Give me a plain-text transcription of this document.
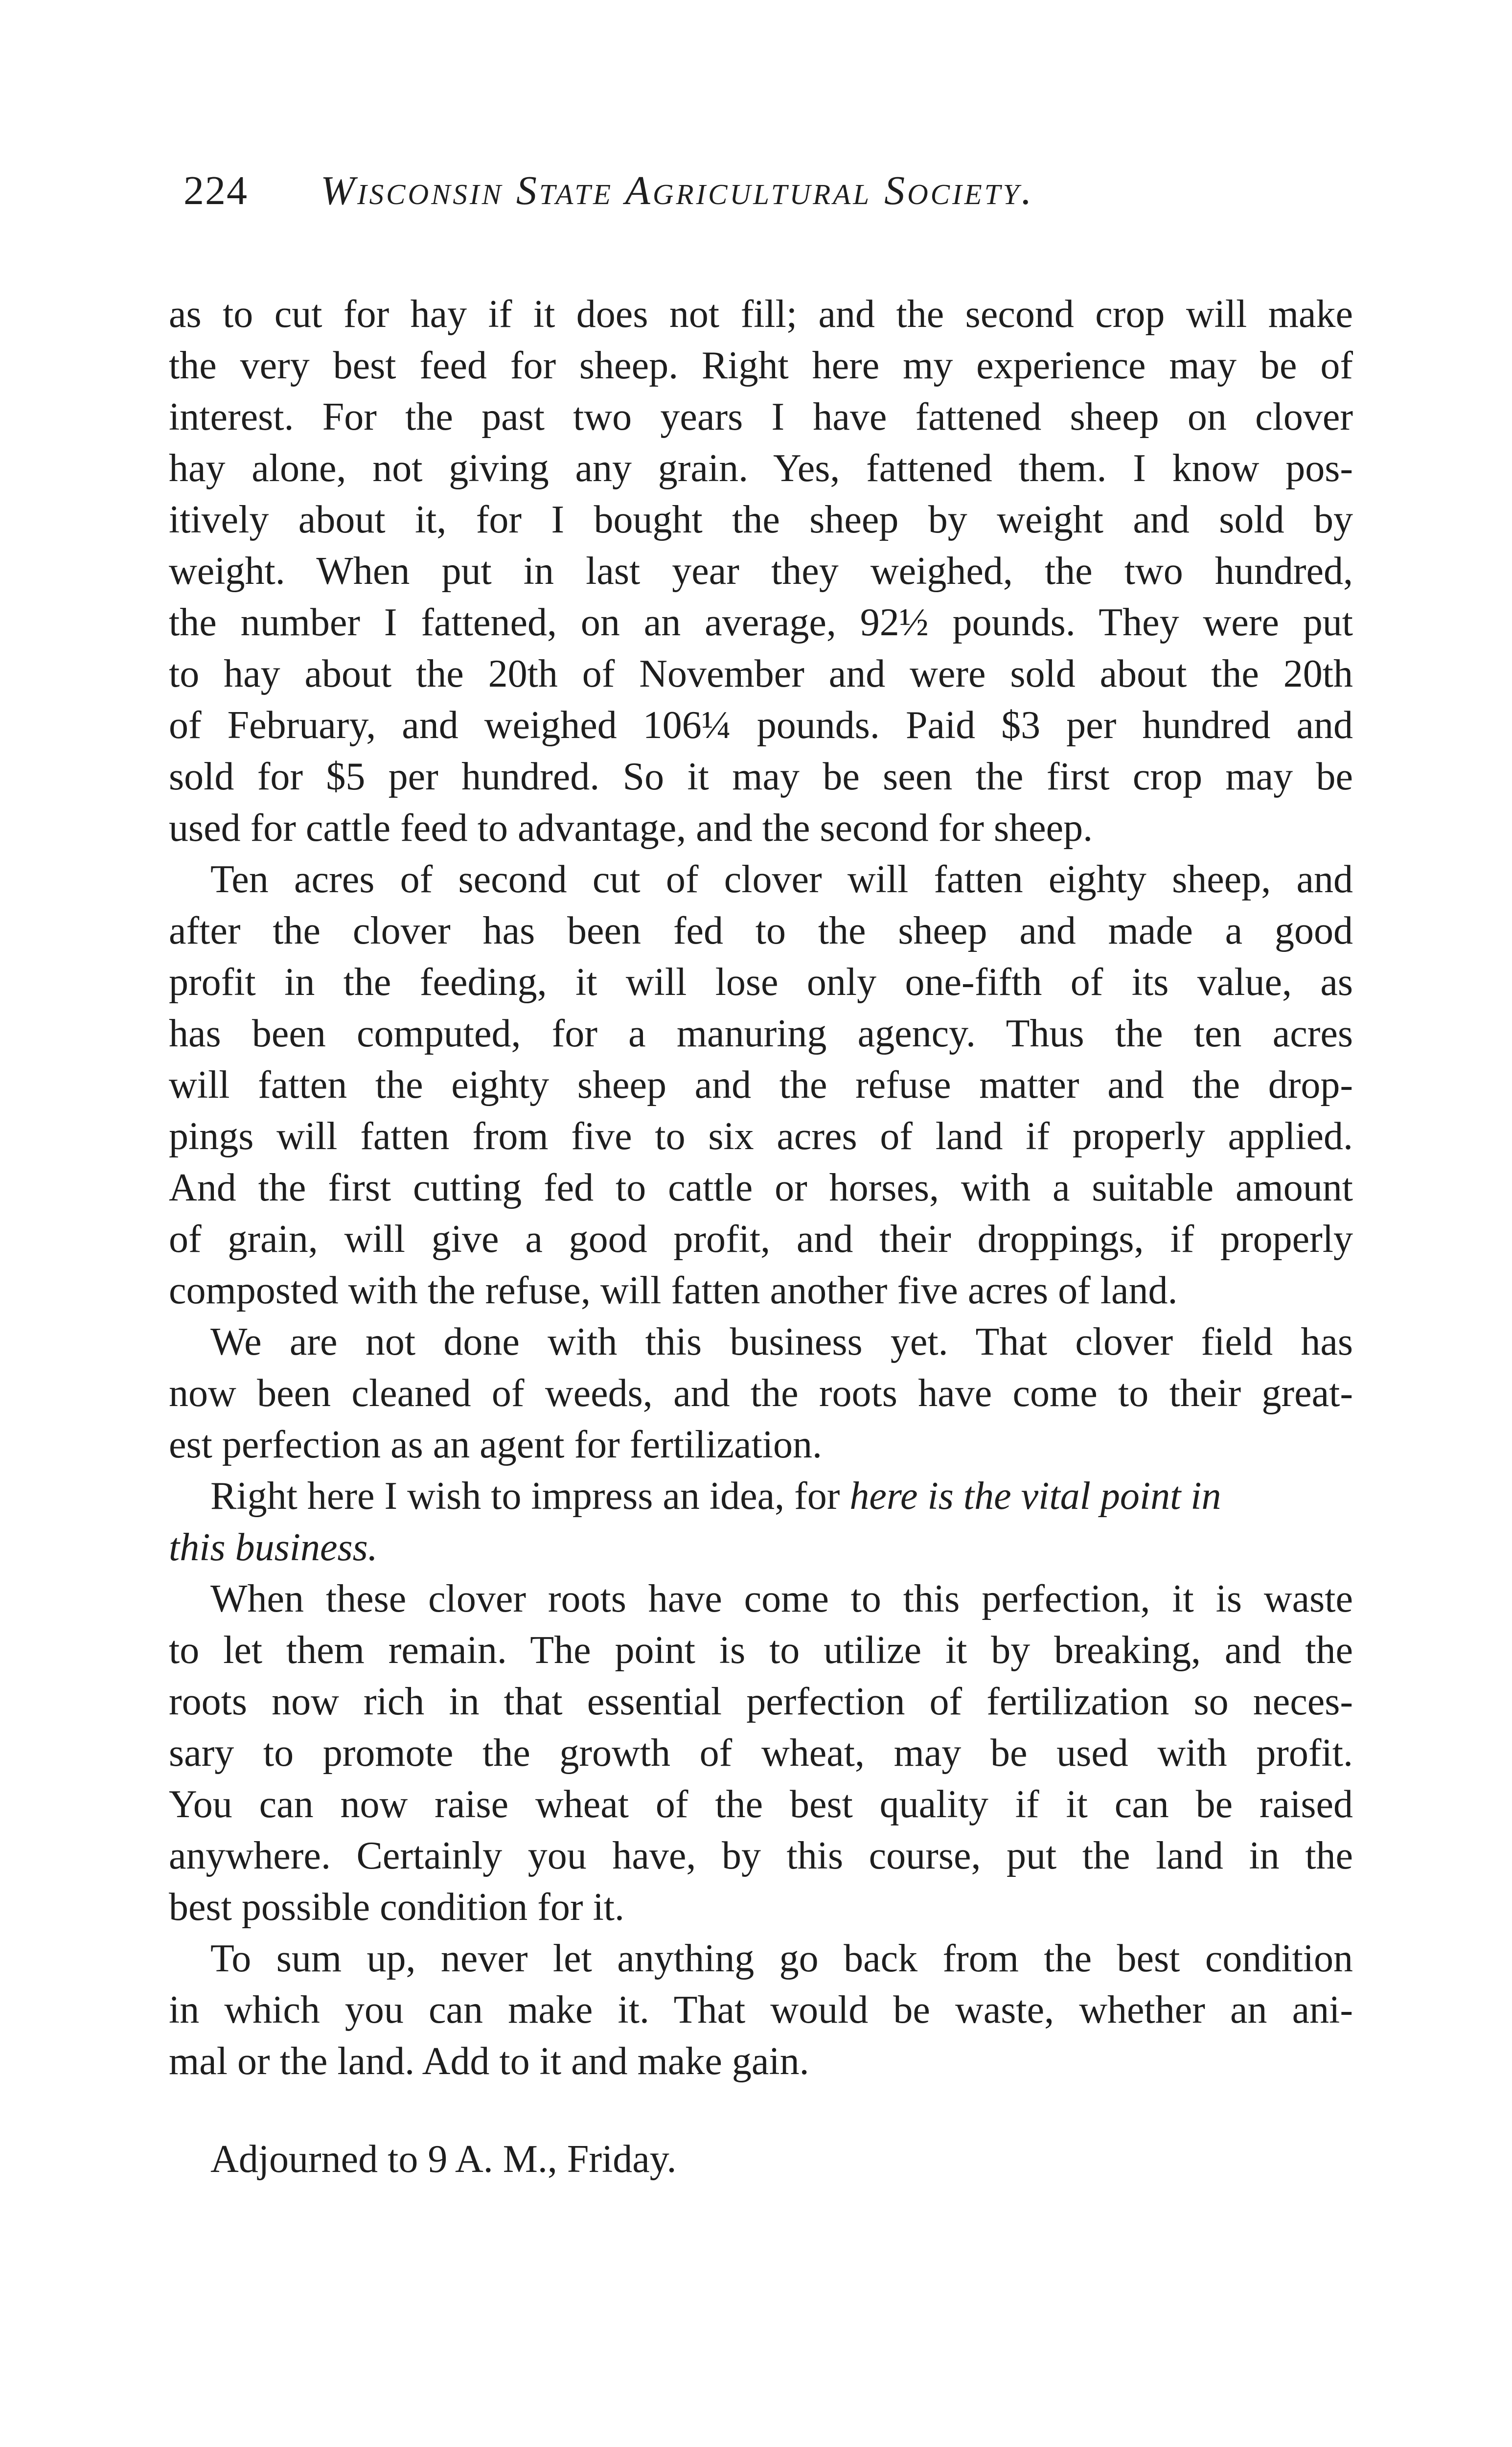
224 Wisconsin State Agricultural Society.
as to cut for hay if it does not fill; and the second crop will make
the very best feed for sheep. Right here my experience may be of
interest. For the past two years I have fattened sheep on clover
hay alone, not giving any grain. Yes, fattened them. I know pos-
itively about it, for I bought the sheep by weight and sold by
weight. When put in last year they weighed, the two hundred,
the number I fattened, on an average, 92½ pounds. They were put
to hay about the 20th of November and were sold about the 20th
of February, and weighed 106¼ pounds. Paid $3 per hundred and
sold for $5 per hundred. So it may be seen the first crop may be
used for cattle feed to advantage, and the second for sheep.
Ten acres of second cut of clover will fatten eighty sheep, and
after the clover has been fed to the sheep and made a good
profit in the feeding, it will lose only one-fifth of its value, as
has been computed, for a manuring agency. Thus the ten acres
will fatten the eighty sheep and the refuse matter and the drop-
pings will fatten from five to six acres of land if properly applied.
And the first cutting fed to cattle or horses, with a suitable amount
of grain, will give a good profit, and their droppings, if properly
composted with the refuse, will fatten another five acres of land.
We are not done with this business yet. That clover field has
now been cleaned of weeds, and the roots have come to their great-
est perfection as an agent for fertilization.
Right here I wish to impress an idea, for here is the vital point in
this business.
When these clover roots have come to this perfection, it is waste
to let them remain. The point is to utilize it by breaking, and the
roots now rich in that essential perfection of fertilization so neces-
sary to promote the growth of wheat, may be used with profit.
You can now raise wheat of the best quality if it can be raised
anywhere. Certainly you have, by this course, put the land in the
best possible condition for it.
To sum up, never let anything go back from the best condition
in which you can make it. That would be waste, whether an ani-
mal or the land. Add to it and make gain.
Adjourned to 9 A. M., Friday.
